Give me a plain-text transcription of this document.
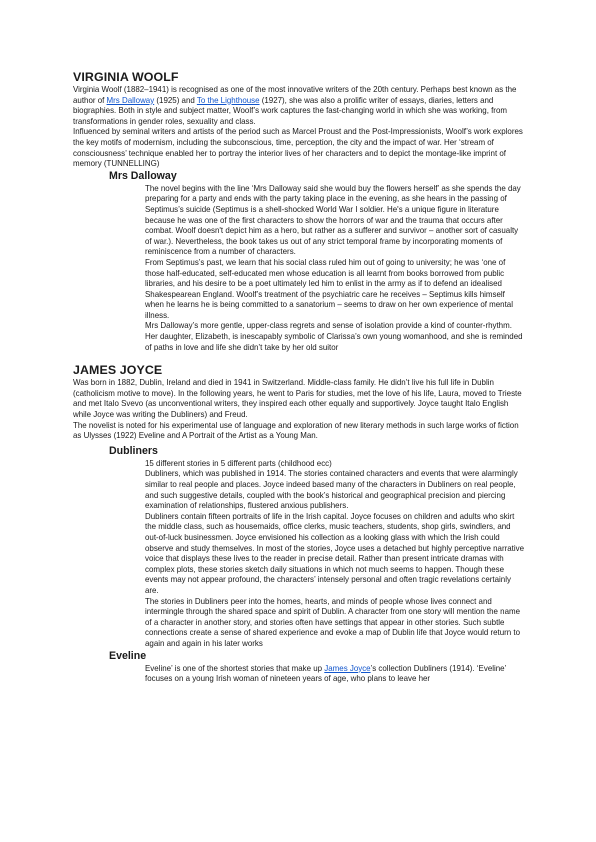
VIRGINIA WOOLF

Virginia Woolf (1882–1941) is recognised as one of the most innovative writers of the 20th century. Perhaps best known as the author of Mrs Dalloway (1925) and To the Lighthouse (1927), she was also a prolific writer of essays, diaries, letters and biographies. Both in style and subject matter, Woolf’s work captures the fast-changing world in which she was working, from transformations in gender roles, sexuality and class.

Influenced by seminal writers and artists of the period such as Marcel Proust and the Post-Impressionists, Woolf’s work explores the key motifs of modernism, including the subconscious, time, perception, the city and the impact of war. Her ‘stream of consciousness’ technique enabled her to portray the interior lives of her characters and to depict the montage-like imprint of memory (TUNNELLING)

Mrs Dalloway

The novel begins with the line ‘Mrs Dalloway said she would buy the flowers herself’ as she spends the day preparing for a party and ends with the party taking place in the evening, as she hears in the passing of Septimus’s suicide (Septimus is a shell-shocked World War I soldier. He's a unique figure in literature because he was one of the first characters to show the horrors of war and the trauma that occurs after combat. Woolf doesn't depict him as a hero, but rather as a sufferer and survivor – another sort of casualty of war.). Nevertheless, the book takes us out of any strict temporal frame by incorporating moments of reminiscence from a number of characters.

From Septimus’s past, we learn that his social class ruled him out of going to university; he was ‘one of those half-educated, self-educated men whose education is all learnt from books borrowed from public libraries, and his desire to be a poet ultimately led him to enlist in the army as if to defend an idealised Shakespearean England. Woolf’s treatment of the psychiatric care he receives – Septimus kills himself when he learns he is being committed to a sanatorium – seems to draw on her own experience of mental illness.

Mrs Dalloway’s more gentle, upper-class regrets and sense of isolation provide a kind of counter-rhythm. Her daughter, Elizabeth, is inescapably symbolic of Clarissa’s own young womanhood, and she is reminded of paths in love and life she didn’t take by her old suitor

JAMES JOYCE

Was born in 1882, Dublin, Ireland and died in 1941 in Switzerland. Middle-class family. He didn’t live his full life in Dublin (catholicism motive to move). In the following years, he went to Paris for studies, met the love of his life, Laura, moved to Trieste and met Italo Svevo (as unconventional writers, they inspired each other equally and supportively. Joyce taught Italo English while Joyce was writing the Dubliners) and Freud.

The novelist is noted for his experimental use of language and exploration of new literary methods in such large works of fiction as Ulysses (1922) Eveline and A Portrait of the Artist as a Young Man.

Dubliners

15 different stories in 5 different parts (childhood ecc)

Dubliners, which was published in 1914. The stories contained characters and events that were alarmingly similar to real people and places. Joyce indeed based many of the characters in Dubliners on real people, and such suggestive details, coupled with the book’s historical and geographical precision and piercing examination of relationships, flustered anxious publishers.

Dubliners contain fifteen portraits of life in the Irish capital. Joyce focuses on children and adults who skirt the middle class, such as housemaids, office clerks, music teachers, students, shop girls, swindlers, and out-of-luck businessmen. Joyce envisioned his collection as a looking glass with which the Irish could observe and study themselves. In most of the stories, Joyce uses a detached but highly perceptive narrative voice that displays these lives to the reader in precise detail. Rather than present intricate dramas with complex plots, these stories sketch daily situations in which not much seems to happen. Though these events may not appear profound, the characters’ intensely personal and often tragic revelations certainly are.

The stories in Dubliners peer into the homes, hearts, and minds of people whose lives connect and intermingle through the shared space and spirit of Dublin. A character from one story will mention the name of a character in another story, and stories often have settings that appear in other stories. Such subtle connections create a sense of shared experience and evoke a map of Dublin life that Joyce would return to again and again in his later works

Eveline

Eveline’ is one of the shortest stories that make up James Joyce’s collection Dubliners (1914). ‘Eveline’ focuses on a young Irish woman of nineteen years of age, who plans to leave her
